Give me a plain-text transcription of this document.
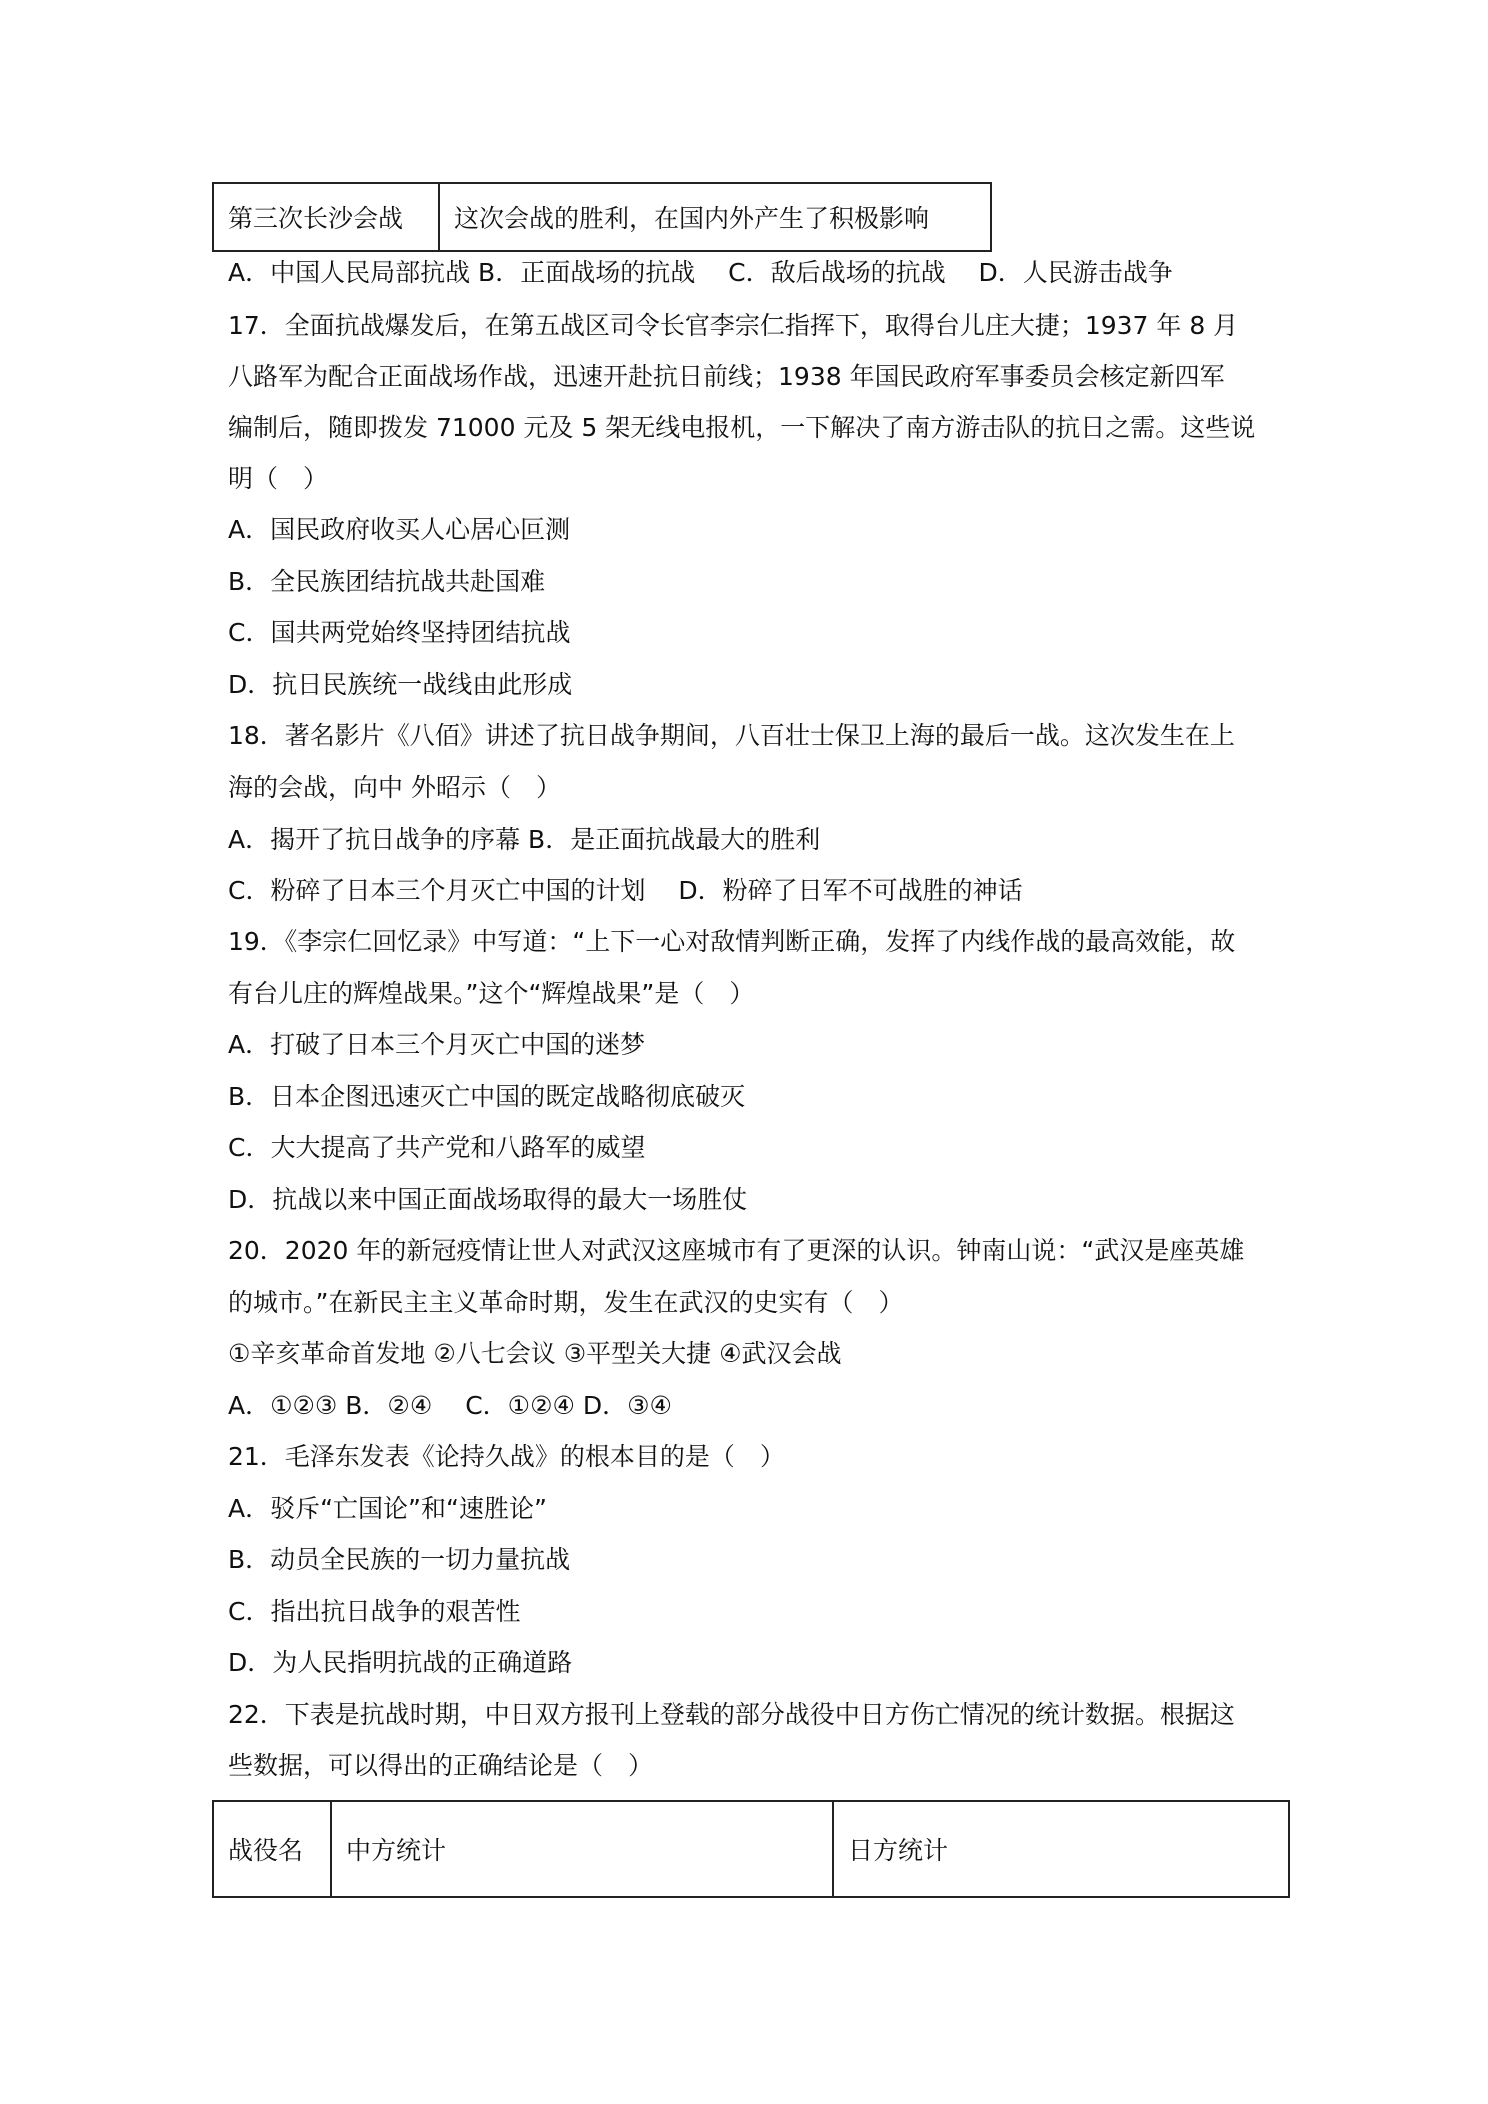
第三次长沙会战	这次会战的胜利，在国内外产生了积极影响
A．中国人民局部抗战 B．正面战场的抗战　 C．敌后战场的抗战　 D．人民游击战争
17．全面抗战爆发后，在第五战区司令长官李宗仁指挥下，取得台儿庄大捷；1937 年 8 月
八路军为配合正面战场作战，迅速开赴抗日前线；1938 年国民政府军事委员会核定新四军
编制后，随即拨发 71000 元及 5 架无线电报机，一下解决了南方游击队的抗日之需。这些说
明（　）
A．国民政府收买人心居心叵测
B．全民族团结抗战共赴国难
C．国共两党始终坚持团结抗战
D．抗日民族统一战线由此形成
18．著名影片《八佰》讲述了抗日战争期间，八百壮士保卫上海的最后一战。这次发生在上
海的会战，向中 外昭示（　）
A．揭开了抗日战争的序幕 B．是正面抗战最大的胜利
C．粉碎了日本三个月灭亡中国的计划　 D．粉碎了日军不可战胜的神话
19．《李宗仁回忆录》中写道：“上下一心对敌情判断正确，发挥了内线作战的最高效能，故
有台儿庄的辉煌战果。”这个“辉煌战果”是（　）
A．打破了日本三个月灭亡中国的迷梦
B．日本企图迅速灭亡中国的既定战略彻底破灭
C．大大提高了共产党和八路军的威望
D．抗战以来中国正面战场取得的最大一场胜仗
20．2020 年的新冠疫情让世人对武汉这座城市有了更深的认识。钟南山说：“武汉是座英雄
的城市。”在新民主主义革命时期，发生在武汉的史实有（　）
①辛亥革命首发地 ②八七会议 ③平型关大捷 ④武汉会战
A．①②③ B．②④　 C．①②④ D．③④
21．毛泽东发表《论持久战》的根本目的是（　）
A．驳斥“亡国论”和“速胜论”
B．动员全民族的一切力量抗战
C．指出抗日战争的艰苦性
D．为人民指明抗战的正确道路
22．下表是抗战时期，中日双方报刊上登载的部分战役中日方伤亡情况的统计数据。根据这
些数据，可以得出的正确结论是（　）
战役名	中方统计	日方统计
